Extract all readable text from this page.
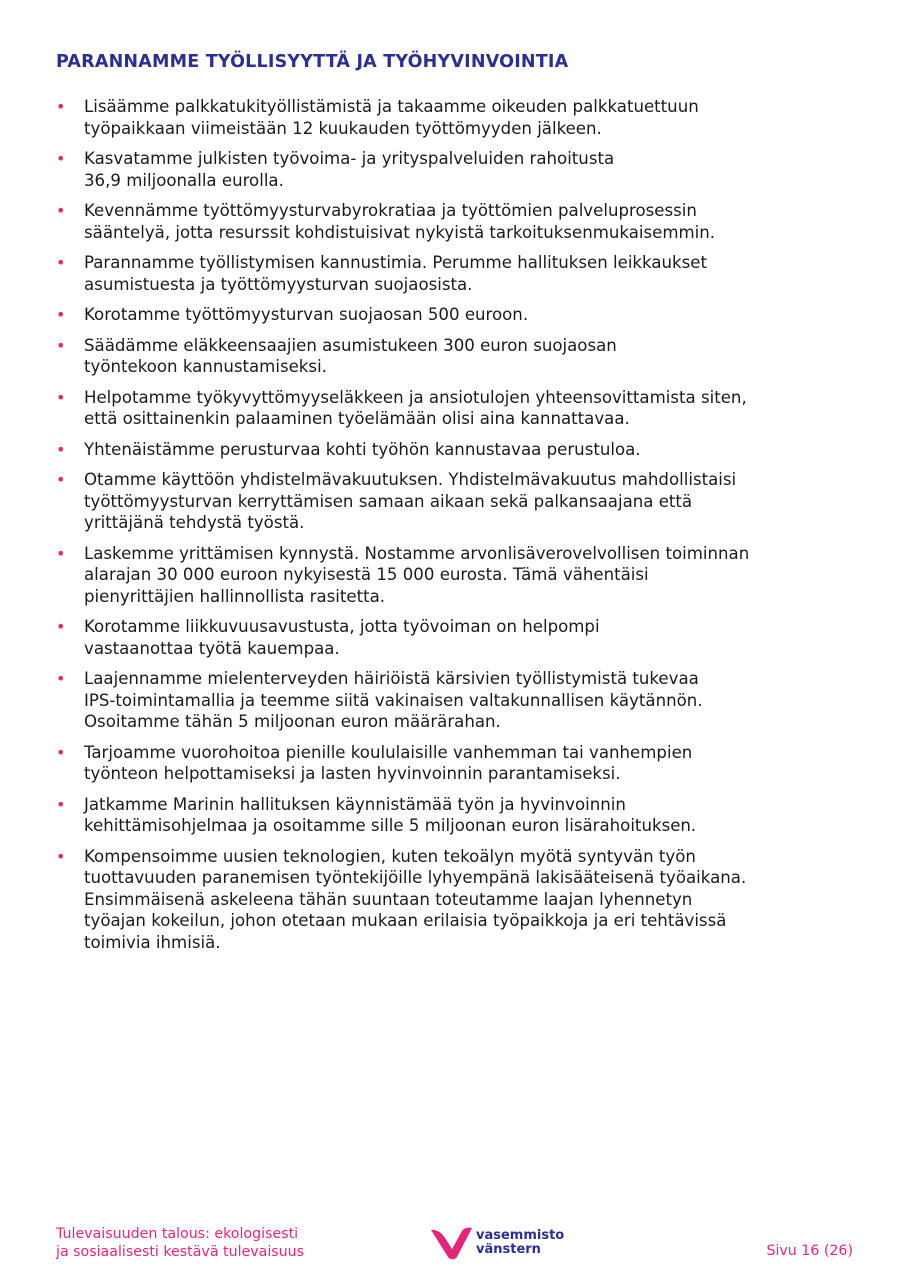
PARANNAMME TYÖLLISYYTTÄ JA TYÖHYVINVOINTIA
• Lisäämme palkkatukityöllistämistä ja takaamme oikeuden palkkatuettuun
työpaikkaan viimeistään 12 kuukauden työttömyyden jälkeen.
• Kasvatamme julkisten työvoima- ja yrityspalveluiden rahoitusta
36,9 miljoonalla eurolla.
• Kevennämme työttömyysturvabyrokratiaa ja työttömien palveluprosessin
sääntelyä, jotta resurssit kohdistuisivat nykyistä tarkoituksenmukaisemmin.
• Parannamme työllistymisen kannustimia. Perumme hallituksen leikkaukset
asumistuesta ja työttömyysturvan suojaosista.
• Korotamme työttömyysturvan suojaosan 500 euroon.
• Säädämme eläkkeensaajien asumistukeen 300 euron suojaosan
työntekoon kannustamiseksi.
• Helpotamme työkyvyttömyyseläkkeen ja ansiotulojen yhteensovittamista siten,
että osittainenkin palaaminen työelämään olisi aina kannattavaa.
• Yhtenäistämme perusturvaa kohti työhön kannustavaa perustuloa.
• Otamme käyttöön yhdistelmävakuutuksen. Yhdistelmävakuutus mahdollistaisi
työttömyysturvan kerryttämisen samaan aikaan sekä palkansaajana että
yrittäjänä tehdystä työstä.
• Laskemme yrittämisen kynnystä. Nostamme arvonlisäverovelvollisen toiminnan
alarajan 30 000 euroon nykyisestä 15 000 eurosta. Tämä vähentäisi
pienyrittäjien hallinnollista rasitetta.
• Korotamme liikkuvuusavustusta, jotta työvoiman on helpompi
vastaanottaa työtä kauempaa.
• Laajennamme mielenterveyden häiriöistä kärsivien työllistymistä tukevaa
IPS-toimintamallia ja teemme siitä vakinaisen valtakunnallisen käytännön.
Osoitamme tähän 5 miljoonan euron määrärahan.
• Tarjoamme vuorohoitoa pienille koululaisille vanhemman tai vanhempien
työnteon helpottamiseksi ja lasten hyvinvoinnin parantamiseksi.
• Jatkamme Marinin hallituksen käynnistämää työn ja hyvinvoinnin
kehittämisohjelmaa ja osoitamme sille 5 miljoonan euron lisärahoituksen.
• Kompensoimme uusien teknologien, kuten tekoälyn myötä syntyvän työn
tuottavuuden paranemisen työntekijöille lyhyempänä lakisääteisenä työaikana.
Ensimmäisenä askeleena tähän suuntaan toteutamme laajan lyhennetyn
työajan kokeilun, johon otetaan mukaan erilaisia työpaikkoja ja eri tehtävissä
toimivia ihmisiä.
Tulevaisuuden talous: ekologisesti
ja sosiaalisesti kestävä tulevaisuus
vasemmisto
vänstern	Sivu 16 (26)
